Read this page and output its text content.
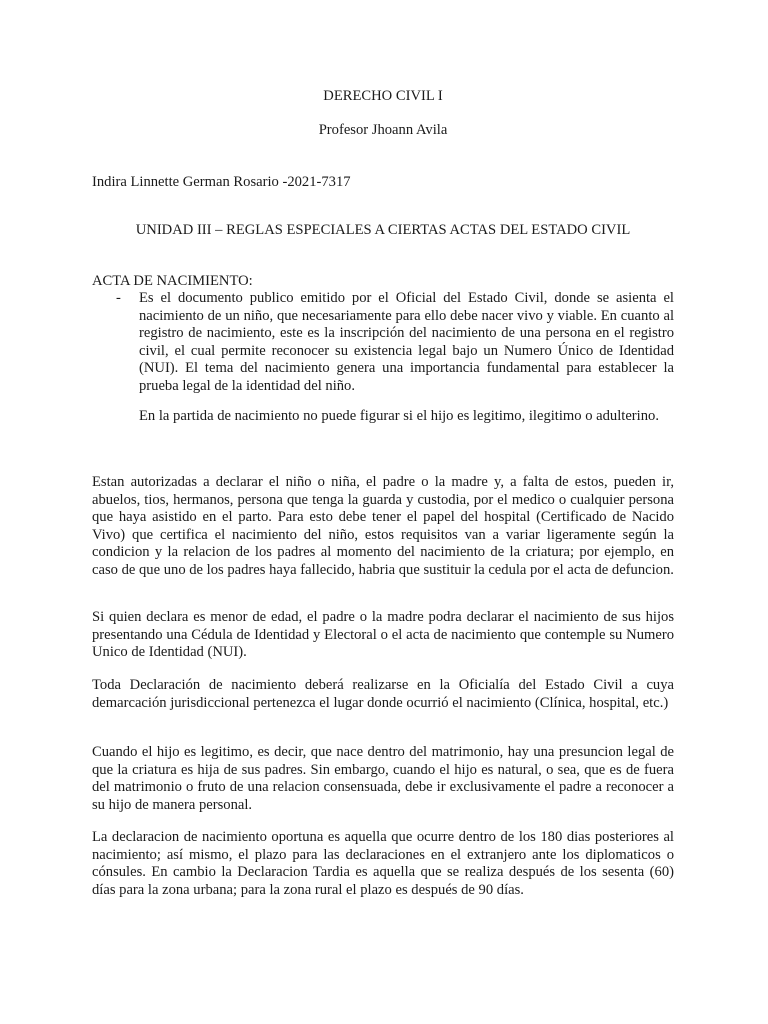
DERECHO CIVIL I
Profesor Jhoann Avila
Indira Linnette German Rosario -2021-7317
UNIDAD III – REGLAS ESPECIALES A CIERTAS ACTAS DEL ESTADO CIVIL
ACTA DE NACIMIENTO:
- Es el documento publico emitido por el Oficial del Estado Civil, donde se asienta el nacimiento de un niño, que necesariamente para ello debe nacer vivo y viable. En cuanto al registro de nacimiento, este es la inscripción del nacimiento de una persona en el registro civil, el cual permite reconocer su existencia legal bajo un Numero Único de Identidad (NUI). El tema del nacimiento genera una importancia fundamental para establecer la prueba legal de la identidad del niño.
En la partida de nacimiento no puede figurar si el hijo es legitimo, ilegitimo o adulterino.
Estan autorizadas a declarar el niño o niña, el padre o la madre y, a falta de estos, pueden ir, abuelos, tios, hermanos, persona que tenga la guarda y custodia, por el medico o cualquier persona que haya asistido en el parto. Para esto debe tener el papel del hospital (Certificado de Nacido Vivo) que certifica el nacimiento del niño, estos requisitos van a variar ligeramente según la condicion y la relacion de los padres al momento del nacimiento de la criatura; por ejemplo, en caso de que uno de los padres haya fallecido, habria que sustituir la cedula por el acta de defuncion.
Si quien declara es menor de edad, el padre o la madre podra declarar el nacimiento de sus hijos presentando una Cédula de Identidad y Electoral o el acta de nacimiento que contemple su Numero Unico de Identidad (NUI).
Toda Declaración de nacimiento deberá realizarse en la Oficialía del Estado Civil a cuya demarcación jurisdiccional pertenezca el lugar donde ocurrió el nacimiento (Clínica, hospital, etc.)
Cuando el hijo es legitimo, es decir, que nace dentro del matrimonio, hay una presuncion legal de que la criatura es hija de sus padres. Sin embargo, cuando el hijo es natural, o sea, que es de fuera del matrimonio o fruto de una relacion consensuada, debe ir exclusivamente el padre a reconocer a su hijo de manera personal.
La declaracion de nacimiento oportuna es aquella que ocurre dentro de los 180 dias posteriores al nacimiento; así mismo, el plazo para las declaraciones en el extranjero ante los diplomaticos o cónsules. En cambio la Declaracion Tardia es aquella que se realiza después de los sesenta (60) días para la zona urbana; para la zona rural el plazo es después de 90 días.
